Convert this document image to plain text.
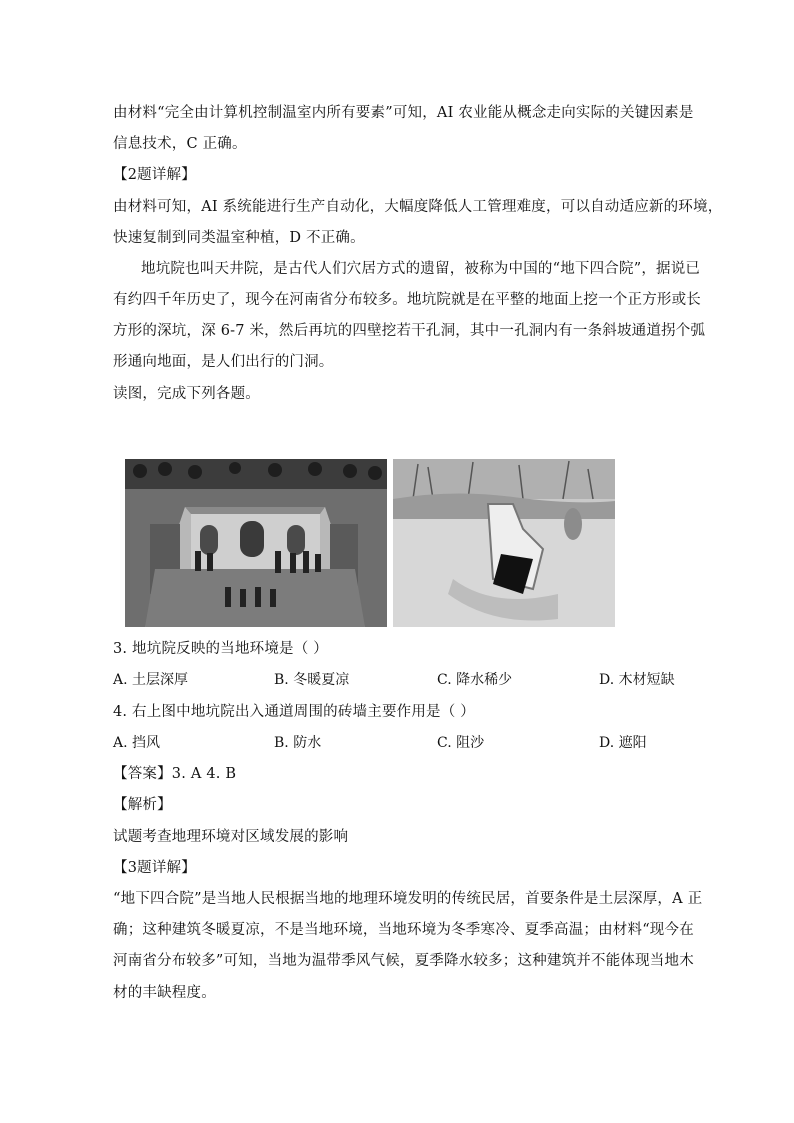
由材料“完全由计算机控制温室内所有要素”可知，AI 农业能从概念走向实际的关键因素是
信息技术，C 正确。
【2题详解】
由材料可知，AI 系统能进行生产自动化，大幅度降低人工管理难度，可以自动适应新的环境，
快速复制到同类温室种植，D 不正确。
地坑院也叫天井院，是古代人们穴居方式的遗留，被称为中国的“地下四合院”，据说已
有约四千年历史了，现今在河南省分布较多。地坑院就是在平整的地面上挖一个正方形或长
方形的深坑，深 6-7 米，然后再坑的四壁挖若干孔洞，其中一孔洞内有一条斜坡通道拐个弧
形通向地面，是人们出行的门洞。
读图，完成下列各题。
3. 地坑院反映的当地环境是（ ）
A. 土层深厚	B. 冬暖夏凉	C. 降水稀少	D. 木材短缺
4. 右上图中地坑院出入通道周围的砖墙主要作用是（ ）
A. 挡风	B. 防水	C. 阻沙	D. 遮阳
【答案】3. A 4. B
【解析】
试题考查地理环境对区域发展的影响
【3题详解】
“地下四合院”是当地人民根据当地的地理环境发明的传统民居，首要条件是土层深厚，A 正
确；这种建筑冬暖夏凉，不是当地环境，当地环境为冬季寒冷、夏季高温；由材料“现今在
河南省分布较多”可知，当地为温带季风气候，夏季降水较多；这种建筑并不能体现当地木
材的丰缺程度。
